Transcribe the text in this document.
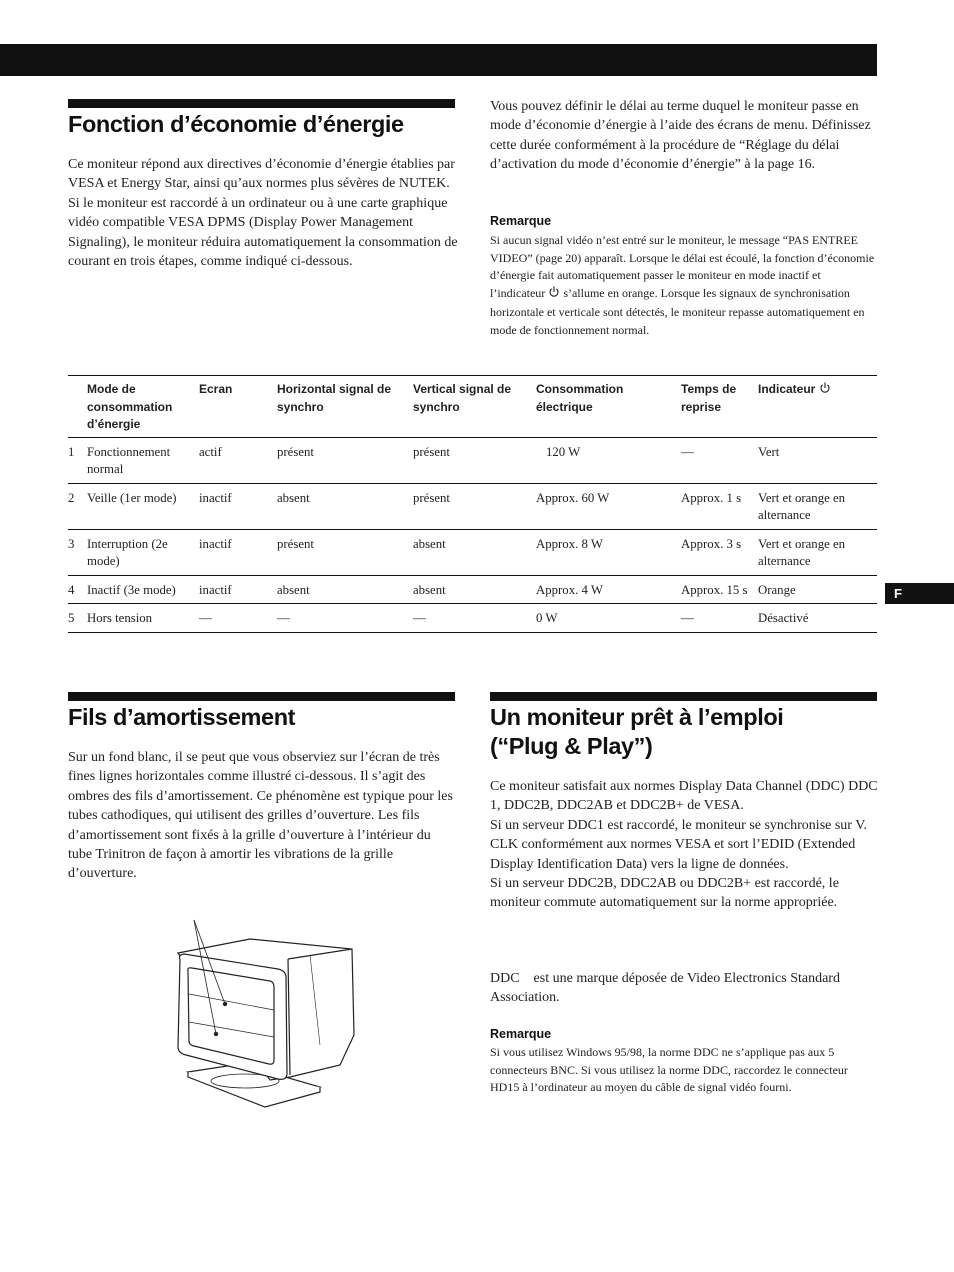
F
Fonction d’économie d’énergie

Ce moniteur répond aux directives d’économie d’énergie établies par VESA et Energy Star, ainsi qu’aux normes plus sévères de NUTEK.

Si le moniteur est raccordé à un ordinateur ou à une carte graphique vidéo compatible VESA DPMS (Display Power Management Signaling), le moniteur réduira automatiquement la consommation de courant en trois étapes, comme indiqué ci-dessous.

Vous pouvez définir le délai au terme duquel le moniteur passe en mode d’économie d’énergie à l’aide des écrans de menu. Définissez cette durée conformément à la procédure de “Réglage du délai d’activation du mode d’économie d’énergie” à la page 16.

Remarque

Si aucun signal vidéo n’est entré sur le moniteur, le message “PAS ENTREE VIDEO” (page 20) apparaît. Lorsque le délai est écoulé, la fonction d’économie d’énergie fait automatiquement passer le moniteur en mode inactif et l’indicateur s’allume en orange. Lorsque les signaux de synchronisation horizontale et verticale sont détectés, le moniteur repasse automatiquement en mode de fonctionnement normal.

	Mode de consommation d’énergie	Ecran	Horizontal signal de synchro	Vertical signal de synchro	Consommation électrique	Temps de reprise	Indicateur
1	Fonctionnement normal	actif	présent	présent	120 W	—	Vert
2	Veille (1er mode)	inactif	absent	présent	Approx. 60 W	Approx. 1 s	Vert et orange en alternance
3	Interruption (2e mode)	inactif	présent	absent	Approx. 8 W	Approx. 3 s	Vert et orange en alternance
4	Inactif (3e mode)	inactif	absent	absent	Approx. 4 W	Approx. 15 s	Orange
5	Hors tension	—	—	—	0 W	—	Désactivé
Fils d’amortissement
Sur un fond blanc, il se peut que vous observiez sur l’écran de très fines lignes horizontales comme illustré ci-dessous. Il s’agit des ombres des fils d’amortissement. Ce phénomène est typique pour les tubes cathodiques, qui utilisent des grilles d’ouverture. Les fils d’amortissement sont fixés à la grille d’ouverture à l’intérieur du tube Trinitron de façon à amortir les vibrations de la grille d’ouverture.
Un moniteur prêt à l’emploi
(“Plug & Play”)

Ce moniteur satisfait aux normes Display Data Channel (DDC) DDC   1, DDC2B, DDC2AB et DDC2B+ de VESA.

Si un serveur DDC1 est raccordé, le moniteur se synchronise sur V. CLK conformément aux normes VESA et sort l’EDID (Extended Display Identification Data) vers la ligne de données.

Si un serveur DDC2B, DDC2AB ou DDC2B+ est raccordé, le moniteur commute automatiquement sur la norme appropriée.

DDC    est une marque déposée de Video Electronics Standard Association.

Remarque

Si vous utilisez Windows 95/98, la norme DDC ne s’applique pas aux 5 connecteurs BNC. Si vous utilisez la norme DDC, raccordez le connecteur HD15 à l’ordinateur au moyen du câble de signal vidéo fourni.
